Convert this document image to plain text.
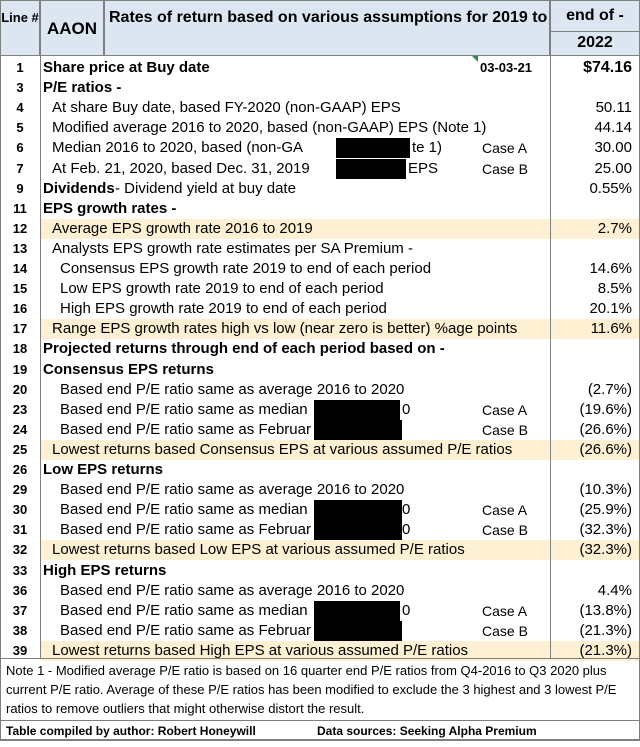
Line #
AAON
Rates of return based on various assumptions for 2019 to	end of -
2022
1	Share price at Buy date	03-03-21	$74.16
3	P/E ratios -
4	At share Buy date, based FY-2020 (non-GAAP) EPS	50.11
5	Modified average 2016 to 2020, based (non-GAAP) EPS (Note 1)	44.14
6	Median 2016 to 2020, based (non-GA	te 1)	Case A	30.00
7	At Feb. 21, 2020, based Dec. 31, 2019	EPS	Case B	25.00
9	Dividends - Dividend yield at buy date	0.55%
11	EPS growth rates -
12	Average EPS growth rate 2016 to 2019	2.7%
13	Analysts EPS growth rate estimates per SA Premium -
14	Consensus EPS growth rate 2019 to end of each period	14.6%
15	Low EPS growth rate 2019 to end of each period	8.5%
16	High EPS growth rate 2019 to end of each period	20.1%
17	Range EPS growth rates high vs low (near zero is better) %age points	11.6%
18	Projected returns through end of each period based on -
19	Consensus EPS returns
20	Based end P/E ratio same as average 2016 to 2020	(2.7%)
23	Based end P/E ratio same as median	0	Case A	(19.6%)
24	Based end P/E ratio same as Februar	Case B	(26.6%)
25	Lowest returns based Consensus EPS at various assumed P/E ratios	(26.6%)
26	Low EPS returns
29	Based end P/E ratio same as average 2016 to 2020	(10.3%)
30	Based end P/E ratio same as median	0	Case A	(25.9%)
31	Based end P/E ratio same as Februar	0	Case B	(32.3%)
32	Lowest returns based Low EPS at various assumed P/E ratios	(32.3%)
33	High EPS returns
36	Based end P/E ratio same as average 2016 to 2020	4.4%
37	Based end P/E ratio same as median	0	Case A	(13.8%)
38	Based end P/E ratio same as Februar	Case B	(21.3%)
39	Lowest returns based High EPS at various assumed P/E ratios	(21.3%)
Note 1 - Modified average P/E ratio is based on 16 quarter end P/E ratios from Q4-2016 to Q3 2020 plus current P/E ratio. Average of these P/E ratios has been modified to exclude the 3 highest and 3 lowest P/E ratios to remove outliers that might otherwise distort the result.
Table compiled by author: Robert Honeywill	Data sources: Seeking Alpha Premium
